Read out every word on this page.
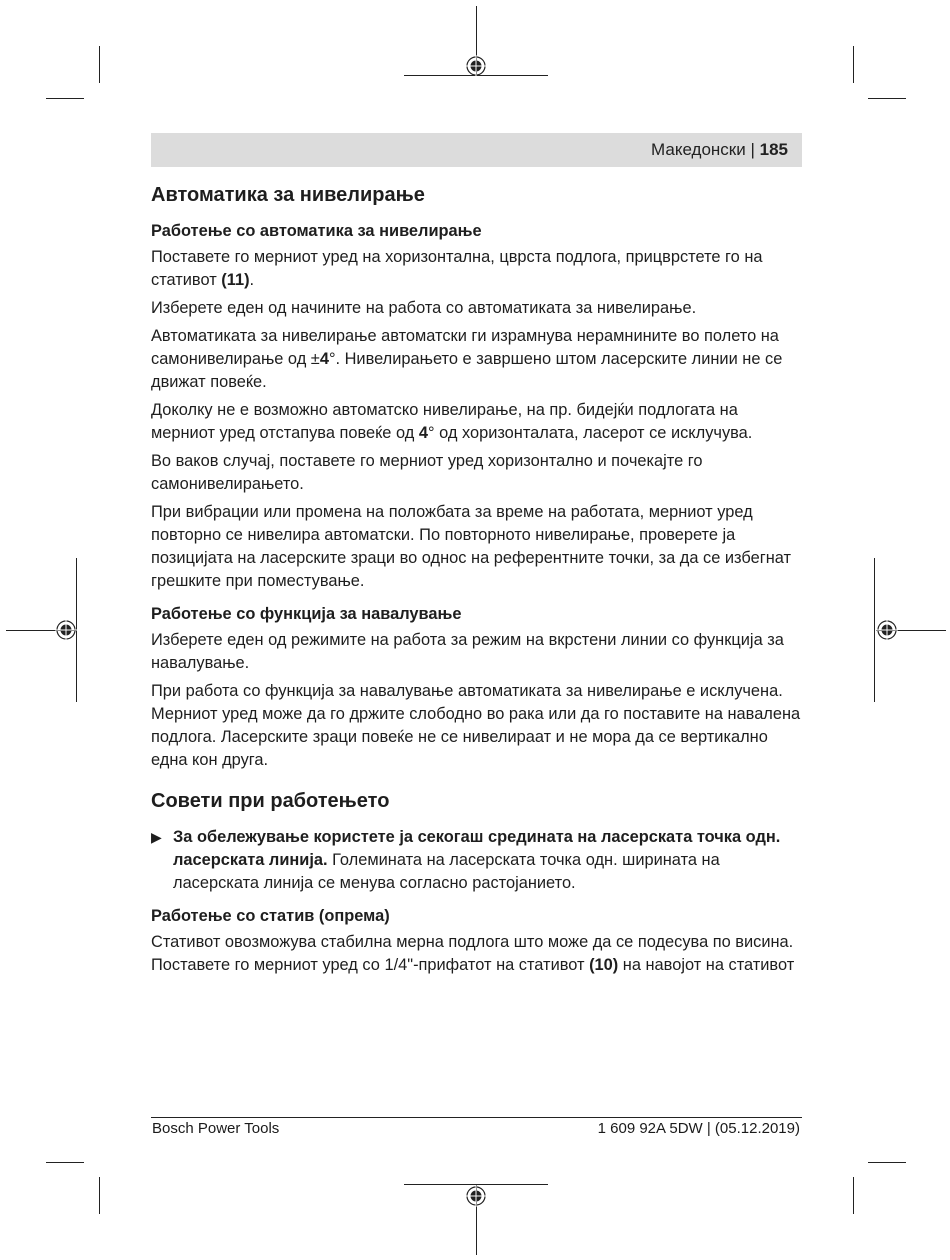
Македонски | 185
Автоматика за нивелирање
Работење со автоматика за нивелирање

Поставете го мерниот уред на хоризонтална, цврста подлога, прицврстете го на стативот (11).

Изберете еден од начините на работа со автоматиката за нивелирање.

Автоматиката за нивелирање автоматски ги израмнува нерамнините во полето на самонивелирање од ±4°. Нивелирањето е завршено штом ласерските линии не се движат повеќе.

Доколку не е возможно автоматско нивелирање, на пр. бидејќи подлогата на мерниот уред отстапува повеќе од 4° од хоризонталата, ласерот се исклучува.

Во ваков случај, поставете го мерниот уред хоризонтално и почекајте го самонивелирањето.

При вибрации или промена на положбата за време на работата, мерниот уред повторно се нивелира автоматски. По повторното нивелирање, проверете ја позицијата на ласерските зраци во однос на референтните точки, за да се избегнат грешките при поместување.

Работење со функција за навалување

Изберете еден од режимите на работа за режим на вкрстени линии со функција за навалување.

При работа со функција за навалување автоматиката за нивелирање е исклучена. Мерниот уред може да го држите слободно во рака или да го поставите на навалена подлога. Ласерските зраци повеќе не се нивелираат и не мора да се вертикално една кон друга.

Совети при работењето
▶ За обележување користете ја секогаш средината на ласерската точка одн. ласерската линија. Големината на ласерската точка одн. ширината на ласерската линија се менува согласно растојанието.
Работење со статив (опрема)

Стативот овозможува стабилна мерна подлога што може да се подесува по висина. Поставете го мерниот уред со 1/4"-прифатот на стативот (10) на навојот на стативот

Bosch Power Tools	1 609 92A 5DW | (05.12.2019)
